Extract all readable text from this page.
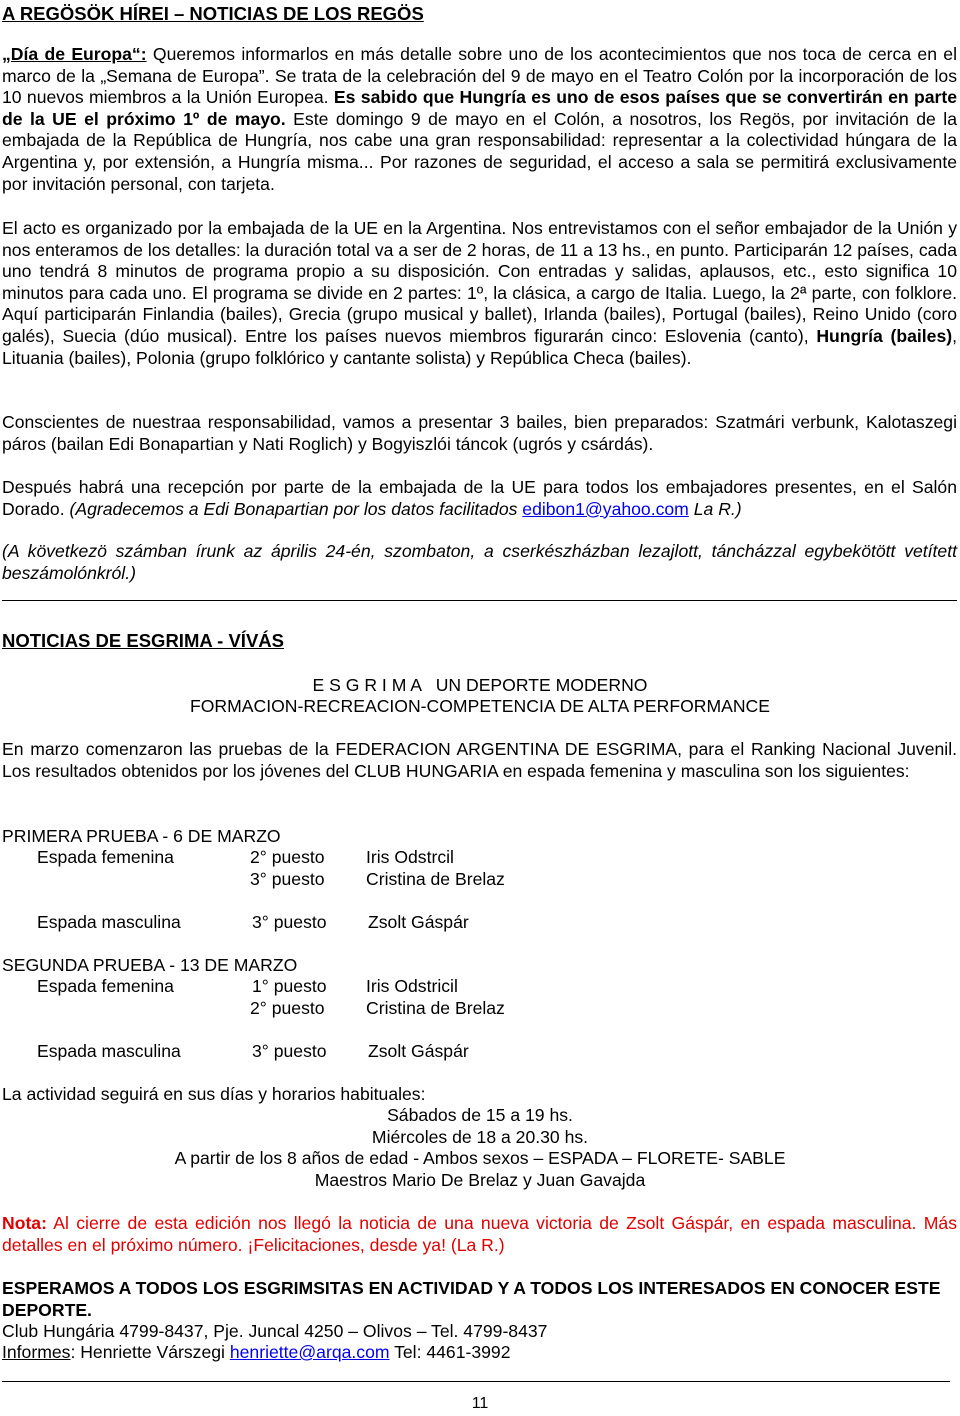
A REGÖSÖK HÍREI – NOTICIAS DE LOS REGÖS

„Día de Europa“: Queremos informarlos en más detalle sobre uno de los acontecimientos que nos toca de cerca en el marco de la „Semana de Europa”. Se trata de la celebración del 9 de mayo en el Teatro Colón por la incorporación de los 10 nuevos miembros a la Unión Europea. Es sabido que Hungría es uno de esos países que se convertirán en parte de la UE el próximo 1º de mayo. Este domingo 9 de mayo en el Colón, a nosotros, los Regös, por invitación de la embajada de la República de Hungría, nos cabe una gran responsabilidad: representar a la colectividad húngara de la Argentina y, por extensión, a Hungría misma... Por razones de seguridad, el acceso a sala se permitirá exclusivamente por invitación personal, con tarjeta.

El acto es organizado por la embajada de la UE en la Argentina. Nos entrevistamos con el señor embajador de la Unión y nos enteramos de los detalles: la duración total va a ser de 2 horas, de 11 a 13 hs., en punto. Participarán 12 países, cada uno tendrá 8 minutos de programa propio a su disposición. Con entradas y salidas, aplausos, etc., esto significa 10 minutos para cada uno. El programa se divide en 2 partes: 1º, la clásica, a cargo de Italia. Luego, la 2ª parte, con folklore. Aquí participarán Finlandia (bailes), Grecia (grupo musical y ballet), Irlanda (bailes), Portugal (bailes), Reino Unido (coro galés), Suecia (dúo musical). Entre los países nuevos miembros figurarán cinco: Eslovenia (canto), Hungría (bailes), Lituania (bailes), Polonia (grupo folklórico y cantante solista) y República Checa (bailes).

Conscientes de nuestraa responsabilidad, vamos a presentar 3 bailes, bien preparados: Szatmári verbunk, Kalotaszegi páros (bailan Edi Bonapartian y Nati Roglich) y Bogyiszlói táncok (ugrós y csárdás).

Después habrá una recepción por parte de la embajada de la UE para todos los embajadores presentes, en el Salón Dorado. (Agradecemos a Edi Bonapartian por los datos facilitados edibon1@yahoo.com La R.)

(A következö számban írunk az április 24-én, szombaton, a cserkészházban lezajlott, táncházzal egybekötött vetített beszámolónkról.)

NOTICIAS DE ESGRIMA - VÍVÁS
E S G R I M A   UN DEPORTE MODERNO
FORMACION-RECREACION-COMPETENCIA DE ALTA PERFORMANCE

En marzo comenzaron las pruebas de la FEDERACION ARGENTINA DE ESGRIMA, para el Ranking Nacional Juvenil. Los resultados obtenidos por los jóvenes del CLUB HUNGARIA en espada femenina y masculina son los siguientes:

PRIMERA PRUEBA - 6 DE MARZO
Espada femenina	2° puesto Iris Odstrcil
3° puesto Cristina de Brelaz
Espada masculina	3° puesto Zsolt Gáspár
SEGUNDA PRUEBA - 13 DE MARZO
Espada femenina	1° puesto Iris Odstricil
2° puesto Cristina de Brelaz
Espada masculina	3° puesto Zsolt Gáspár
La actividad seguirá en sus días y horarios habituales:
Sábados de 15 a 19 hs.
Miércoles de 18 a 20.30 hs.
A partir de los 8 años de edad - Ambos sexos – ESPADA – FLORETE- SABLE
Maestros Mario De Brelaz y Juan Gavajda

Nota: Al cierre de esta edición nos llegó la noticia de una nueva victoria de Zsolt Gáspár, en espada masculina. Más detalles en el próximo número. ¡Felicitaciones, desde ya! (La R.)

ESPERAMOS A TODOS LOS ESGRIMSITAS EN ACTIVIDAD Y A TODOS LOS INTERESADOS EN CONOCER ESTE DEPORTE.

Club Hungária 4799-8437, Pje. Juncal 4250 – Olivos – Tel. 4799-8437
Informes: Henriette Várszegi henriette@arqa.com Tel: 4461-3992
11
